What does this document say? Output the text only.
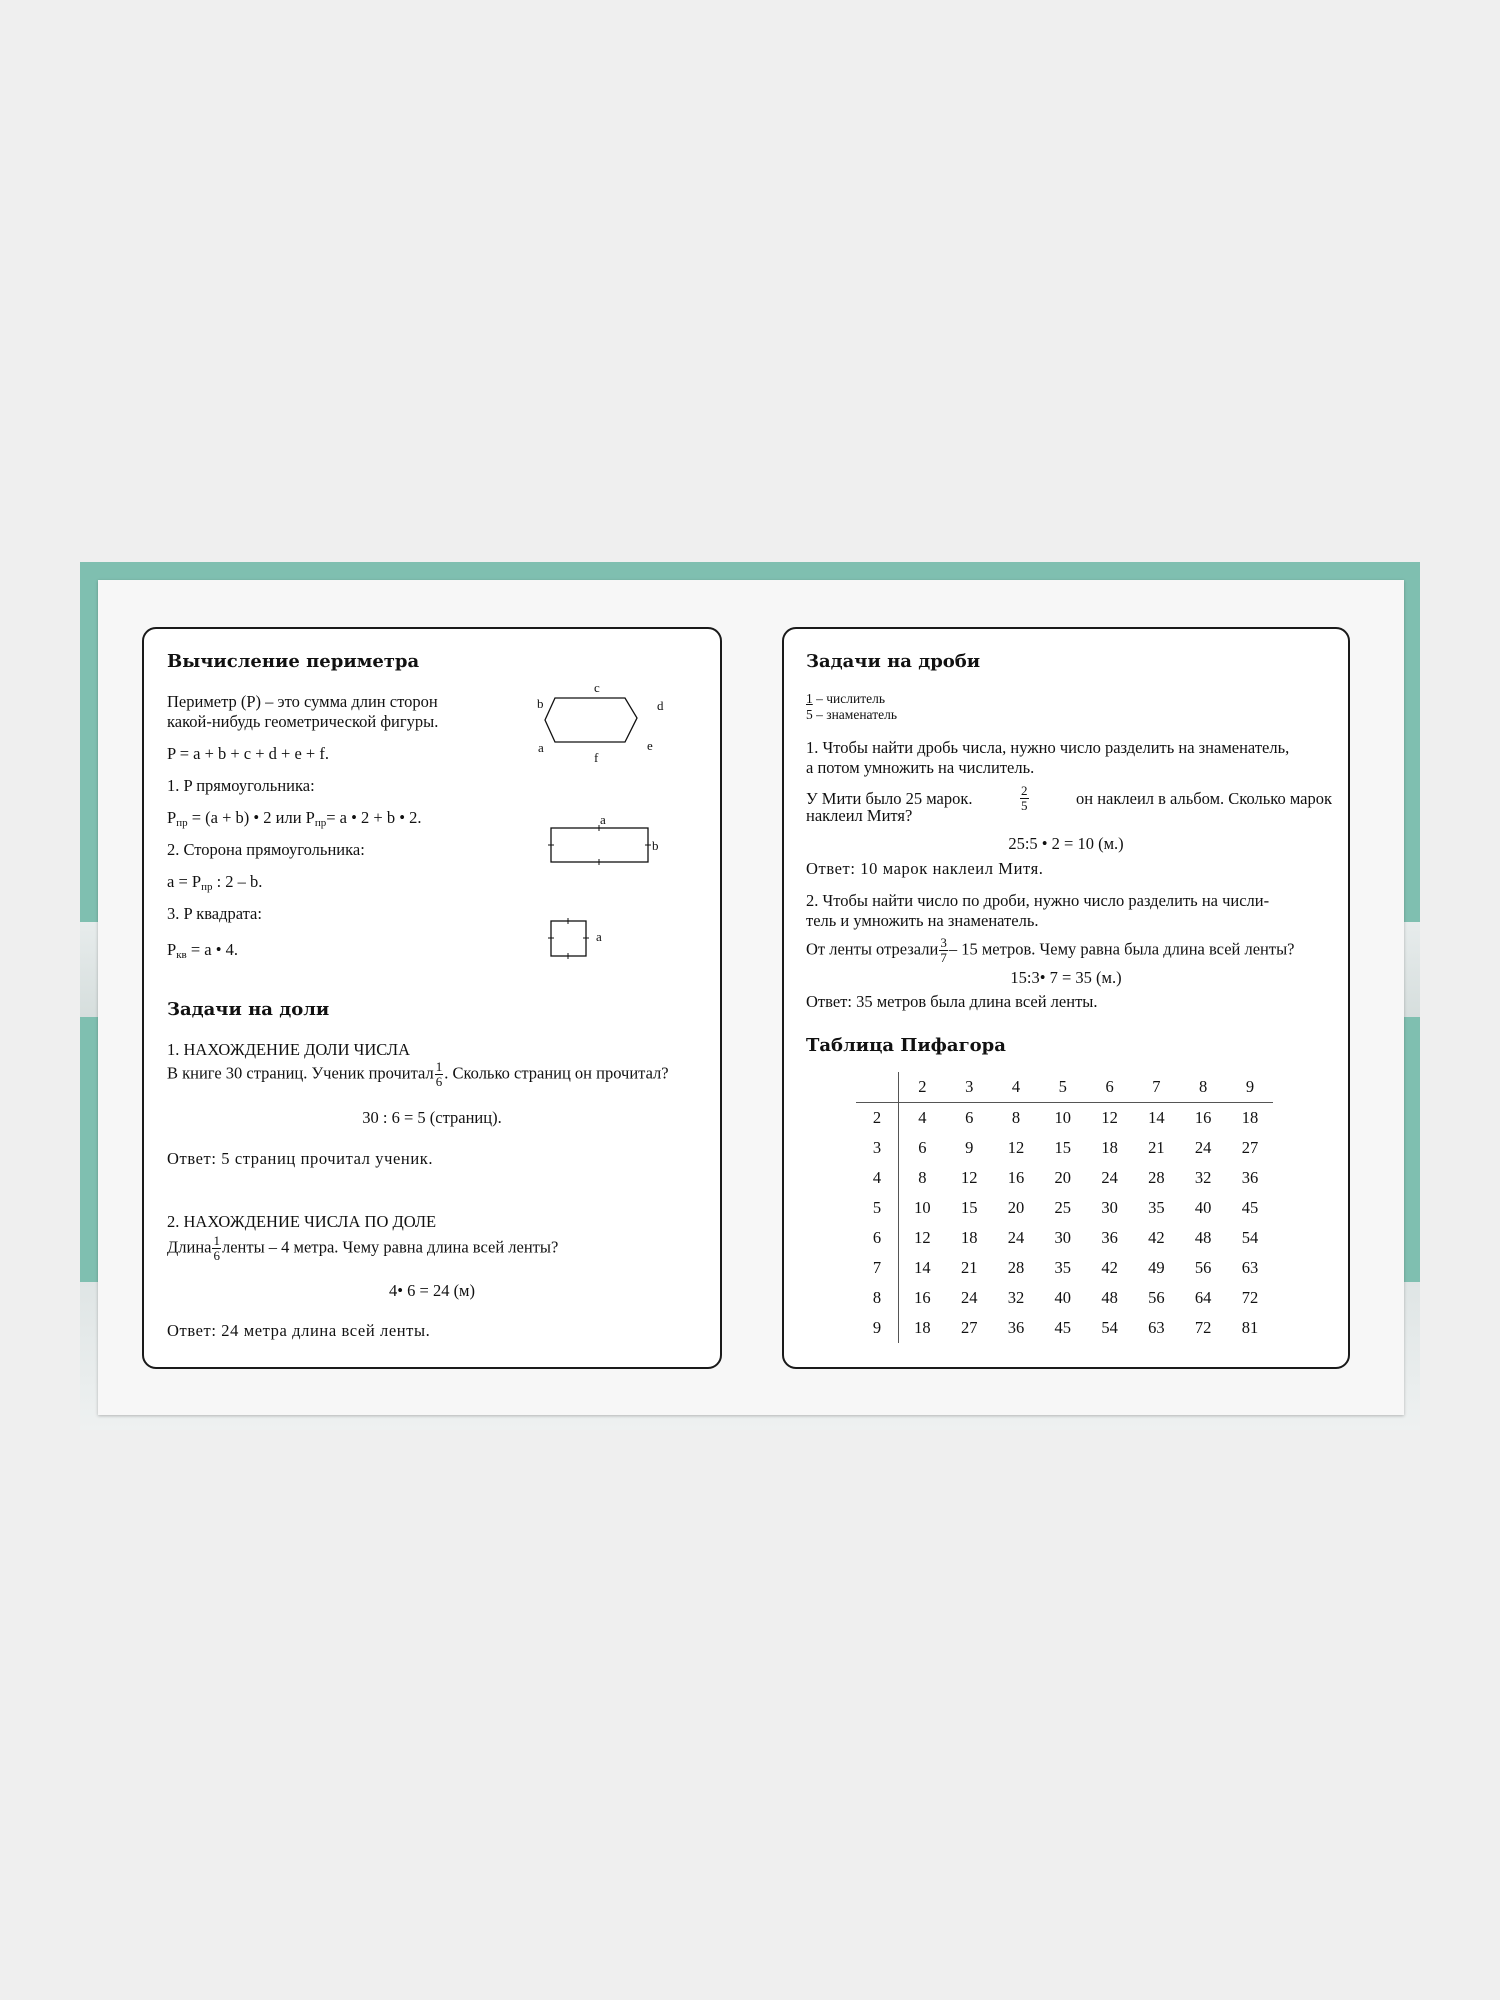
Вычисление периметра
Периметр (P) – это сумма длин сторон
какой-нибудь геометрической фигуры.
P = a + b + c + d + e + f.
1. P прямоугольника:
$P_{пр} = (a + b)$ • 2 или $P_{пр}= a$ • 2 + b • 2.
2. Сторона прямоугольника:
$a = P_{пр}$ : 2 – b.
3. P квадрата:
$P_{кв} = a$ • 4.
a
b
c
d
e
f
a
b
a
Задачи на доли
1. НАХОЖДЕНИЕ ДОЛИ ЧИСЛА
В книге 30 страниц. Ученик прочитал $\frac{1}{6}$ . Сколько страниц он прочитал?
30 : 6 = 5 (страниц).
Ответ: 5 страниц прочитал ученик.
2. НАХОЖДЕНИЕ ЧИСЛА ПО ДОЛЕ
Длина $\frac{1}{6}$ ленты – 4 метра. Чему равна длина всей ленты?
4• 6 = 24 (м)
Ответ: 24 метра длина всей ленты.
Задачи на дроби
1 – числитель
5 – знаменатель
1. Чтобы найти дробь числа, нужно число разделить на знаменатель,
а потом умножить на числитель.
У Мити было 25 марок.	$\frac{2}{5}$	он наклеил в альбом. Сколько марок
наклеил Митя?
25:5 • 2 = 10 (м.)
Ответ: 10 марок наклеил Митя.
2. Чтобы найти число по дроби, нужно число разделить на числи-
тель и умножить на знаменатель.
От ленты отрезали $\frac{3}{7} - 15$ метров. Чему равна была длина всей ленты?
15:3• 7 = 35 (м.)
Ответ: 35 метров была длина всей ленты.
Таблица Пифагора
	2	3	4	5	6	7	8	9
2	4	6	8	10	12	14	16	18
3	6	9	12	15	18	21	24	27
4	8	12	16	20	24	28	32	36
5	10	15	20	25	30	35	40	45
6	12	18	24	30	36	42	48	54
7	14	21	28	35	42	49	56	63
8	16	24	32	40	48	56	64	72
9	18	27	36	45	54	63	72	81
